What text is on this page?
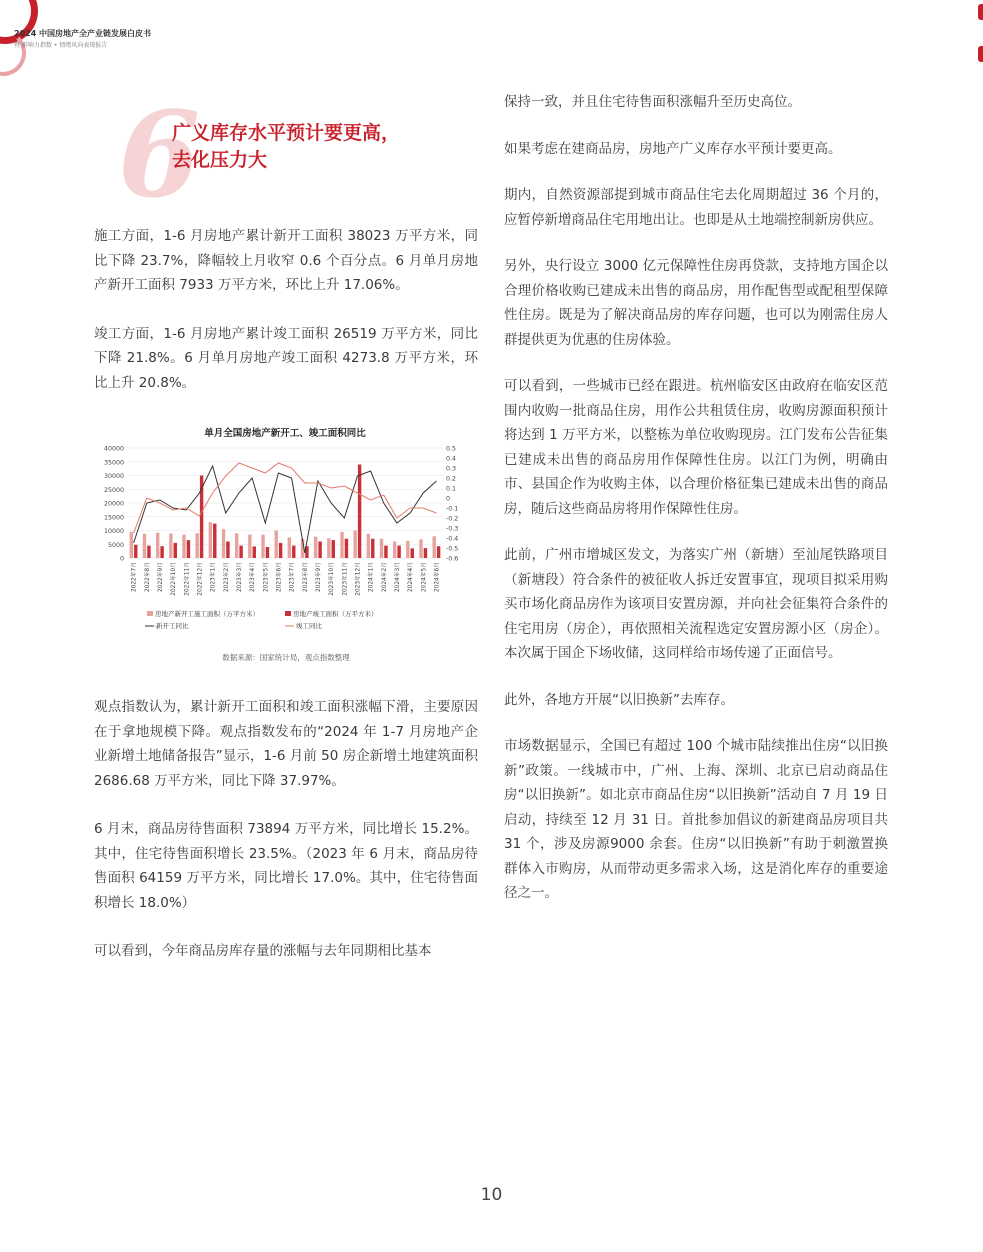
2024 中国房地产全产业链发展白皮书
暨 影响力指数 • 情绪风向表现报告
6
广义库存水平预计要更高，
去化压力大

施工方面，1-6 月房地产累计新开工面积 38023 万平方米，同比下降 23.7%，降幅较上月收窄 0.6 个百分点。6 月单月房地产新开工面积 7933 万平方米，环比上升 17.06%。

竣工方面，1-6 月房地产累计竣工面积 26519 万平方米，同比下降 21.8%。6 月单月房地产竣工面积 4273.8 万平方米，环比上升 20.8%。

单月全国房地产新开工、竣工面积同比
0
5000
10000
15000
20000
25000
30000
35000
40000
-0.6
-0.5
-0.4
-0.3
-0.2
-0.1
0
0.1
0.2
0.3
0.4
0.5
2022年7月	2022年8月	2022年9月	2022年10月	2022年11月	2022年12月	2023年1月	2023年2月	2023年3月	2023年4月	2023年5月	2023年6月	2023年7月	2023年8月	2023年9月	2023年10月	2023年11月	2023年12月	2024年1月	2024年2月	2024年3月	2024年4月	2024年5月	2024年6月
房地产新开工施工面积（万平方米）	房地产竣工面积（万平方米）
新开工同比	竣工同比
数据来源：国家统计局，观点指数整理

观点指数认为，累计新开工面积和竣工面积涨幅下滑，主要原因在于拿地规模下降。观点指数发布的“2024 年 1-7 月房地产企业新增土地储备报告”显示，1-6 月前 50 房企新增土地建筑面积 2686.68 万平方米，同比下降 37.97%。

6 月末，商品房待售面积 73894 万平方米，同比增长 15.2%。其中，住宅待售面积增长 23.5%。（2023 年 6 月末，商品房待售面积 64159 万平方米，同比增长 17.0%。其中，住宅待售面积增长 18.0%）

可以看到，今年商品房库存量的涨幅与去年同期相比基本

保持一致，并且住宅待售面积涨幅升至历史高位。

如果考虑在建商品房，房地产广义库存水平预计要更高。

期内，自然资源部提到城市商品住宅去化周期超过 36 个月的，应暂停新增商品住宅用地出让。也即是从土地端控制新房供应。

另外，央行设立 3000 亿元保障性住房再贷款，支持地方国企以合理价格收购已建成未出售的商品房，用作配售型或配租型保障性住房。既是为了解决商品房的库存问题，也可以为刚需住房人群提供更为优惠的住房体验。

可以看到，一些城市已经在跟进。杭州临安区由政府在临安区范围内收购一批商品住房，用作公共租赁住房，收购房源面积预计将达到 1 万平方米，以整栋为单位收购现房。江门发布公告征集已建成未出售的商品房用作保障性住房。以江门为例，明确由市、县国企作为收购主体，以合理价格征集已建成未出售的商品房，随后这些商品房将用作保障性住房。

此前，广州市增城区发文，为落实广州（新塘）至汕尾铁路项目（新塘段）符合条件的被征收人拆迁安置事宜，现项目拟采用购买市场化商品房作为该项目安置房源，并向社会征集符合条件的住宅用房（房企），再依照相关流程选定安置房源小区（房企）。本次属于国企下场收储，这同样给市场传递了正面信号。

此外，各地方开展“以旧换新”去库存。

市场数据显示，全国已有超过 100 个城市陆续推出住房“以旧换新”政策。一线城市中，广州、上海、深圳、北京已启动商品住房“以旧换新”。如北京市商品住房“以旧换新”活动自 7 月 19 日启动，持续至 12 月 31 日。首批参加倡议的新建商品房项目共 31 个，涉及房源9000 余套。住房“以旧换新”有助于刺激置换群体入市购房，从而带动更多需求入场，这是消化库存的重要途径之一。

10
